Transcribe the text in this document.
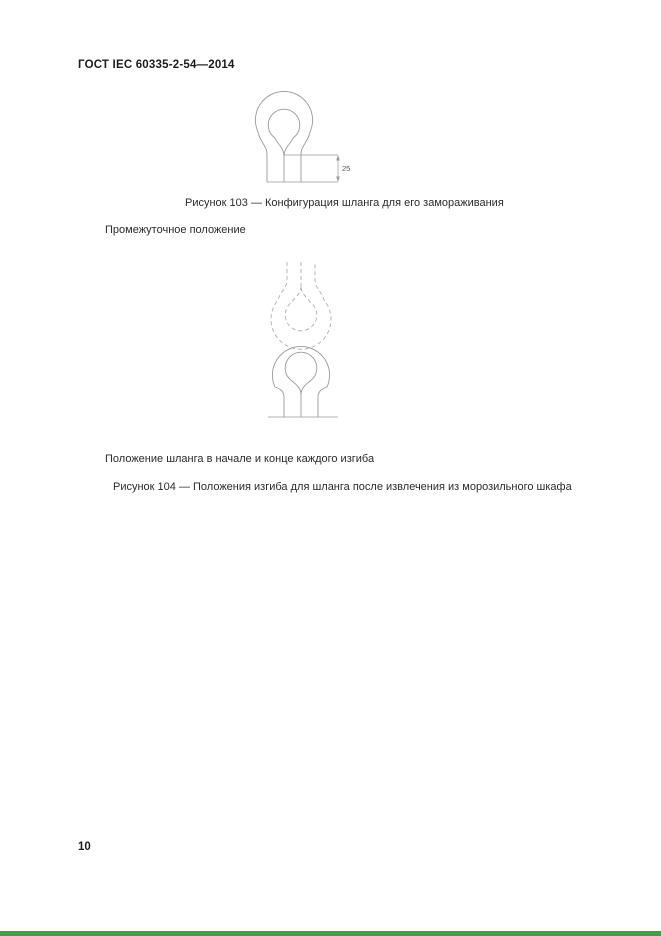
ГОСТ IEC 60335-2-54—2014
25
Рисунок 103 — Конфигурация шланга для его замораживания
Промежуточное положение
Положение шланга в начале и конце каждого изгиба
Рисунок 104 — Положения изгиба для шланга после извлечения из морозильного шкафа
10
